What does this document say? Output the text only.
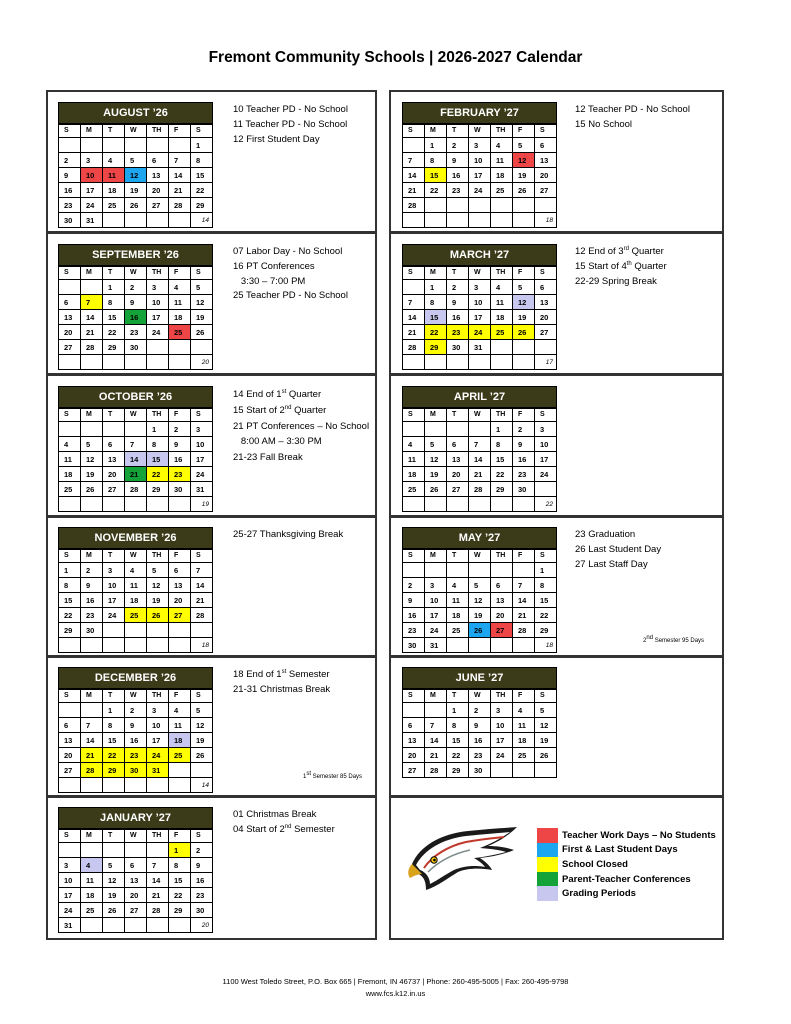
Fremont Community Schools | 2026-2027 Calendar
AUGUST ’26						
S	M	T	W	TH	F	S
						1
2	3	4	5	6	7	8
9	10	11	12	13	14	15
16	17	18	19	20	21	22
23	24	25	26	27	28	29
30	31					14
SEPTEMBER ’26						
S	M	T	W	TH	F	S
		1	2	3	4	5
6	7	8	9	10	11	12
13	14	15	16	17	18	19
20	21	22	23	24	25	26
27	28	29	30			
						20
OCTOBER ’26						
S	M	T	W	TH	F	S
				1	2	3
4	5	6	7	8	9	10
11	12	13	14	15	16	17
18	19	20	21	22	23	24
25	26	27	28	29	30	31
						19
NOVEMBER ’26						
S	M	T	W	TH	F	S
1	2	3	4	5	6	7
8	9	10	11	12	13	14
15	16	17	18	19	20	21
22	23	24	25	26	27	28
29	30					
						18
DECEMBER ’26						
S	M	T	W	TH	F	S
		1	2	3	4	5
6	7	8	9	10	11	12
13	14	15	16	17	18	19
20	21	22	23	24	25	26
27	28	29	30	31		
						14
JANUARY ’27						
S	M	T	W	TH	F	S
					1	2
3	4	5	6	7	8	9
10	11	12	13	14	15	16
17	18	19	20	21	22	23
24	25	26	27	28	29	30
31						20
FEBRUARY ’27						
S	M	T	W	TH	F	S
	1	2	3	4	5	6
7	8	9	10	11	12	13
14	15	16	17	18	19	20
21	22	23	24	25	26	27
28						
						18
MARCH ’27						
S	M	T	W	TH	F	S
	1	2	3	4	5	6
7	8	9	10	11	12	13
14	15	16	17	18	19	20
21	22	23	24	25	26	27
28	29	30	31			
						17
APRIL ’27						
S	M	T	W	TH	F	S
				1	2	3
4	5	6	7	8	9	10
11	12	13	14	15	16	17
18	19	20	21	22	23	24
25	26	27	28	29	30	
						22
MAY ’27						
S	M	T	W	TH	F	S
						1
2	3	4	5	6	7	8
9	10	11	12	13	14	15
16	17	18	19	20	21	22
23	24	25	26	27	28	29
30	31					18
JUNE ’27						
S	M	T	W	TH	F	S
		1	2	3	4	5
6	7	8	9	10	11	12
13	14	15	16	17	18	19
20	21	22	23	24	25	26
27	28	29	30			
10 Teacher PD - No School
11 Teacher PD - No School
12 First Student Day
07 Labor Day - No School
16 PT Conferences
3:30 – 7:00 PM
25 Teacher PD - No School
14 End of 1st Quarter
15 Start of 2nd Quarter
21 PT Conferences – No School
8:00 AM – 3:30 PM
21-23 Fall Break
25-27 Thanksgiving Break
18 End of 1st Semester
21-31 Christmas Break
1st Semester 85 Days
01 Christmas Break
04 Start of 2nd Semester
12 Teacher PD - No School
15 No School
12 End of 3rd Quarter
15 Start of 4th Quarter
22-29 Spring Break
23 Graduation
26 Last Student Day
27 Last Staff Day
2nd Semester 95 Days
Teacher Work Days – No Students
First & Last Student Days
School Closed
Parent-Teacher Conferences
Grading Periods
1100 West Toledo Street, P.O. Box 665 | Fremont, IN 46737 | Phone: 260-495-5005 | Fax: 260-495-9798
www.fcs.k12.in.us
